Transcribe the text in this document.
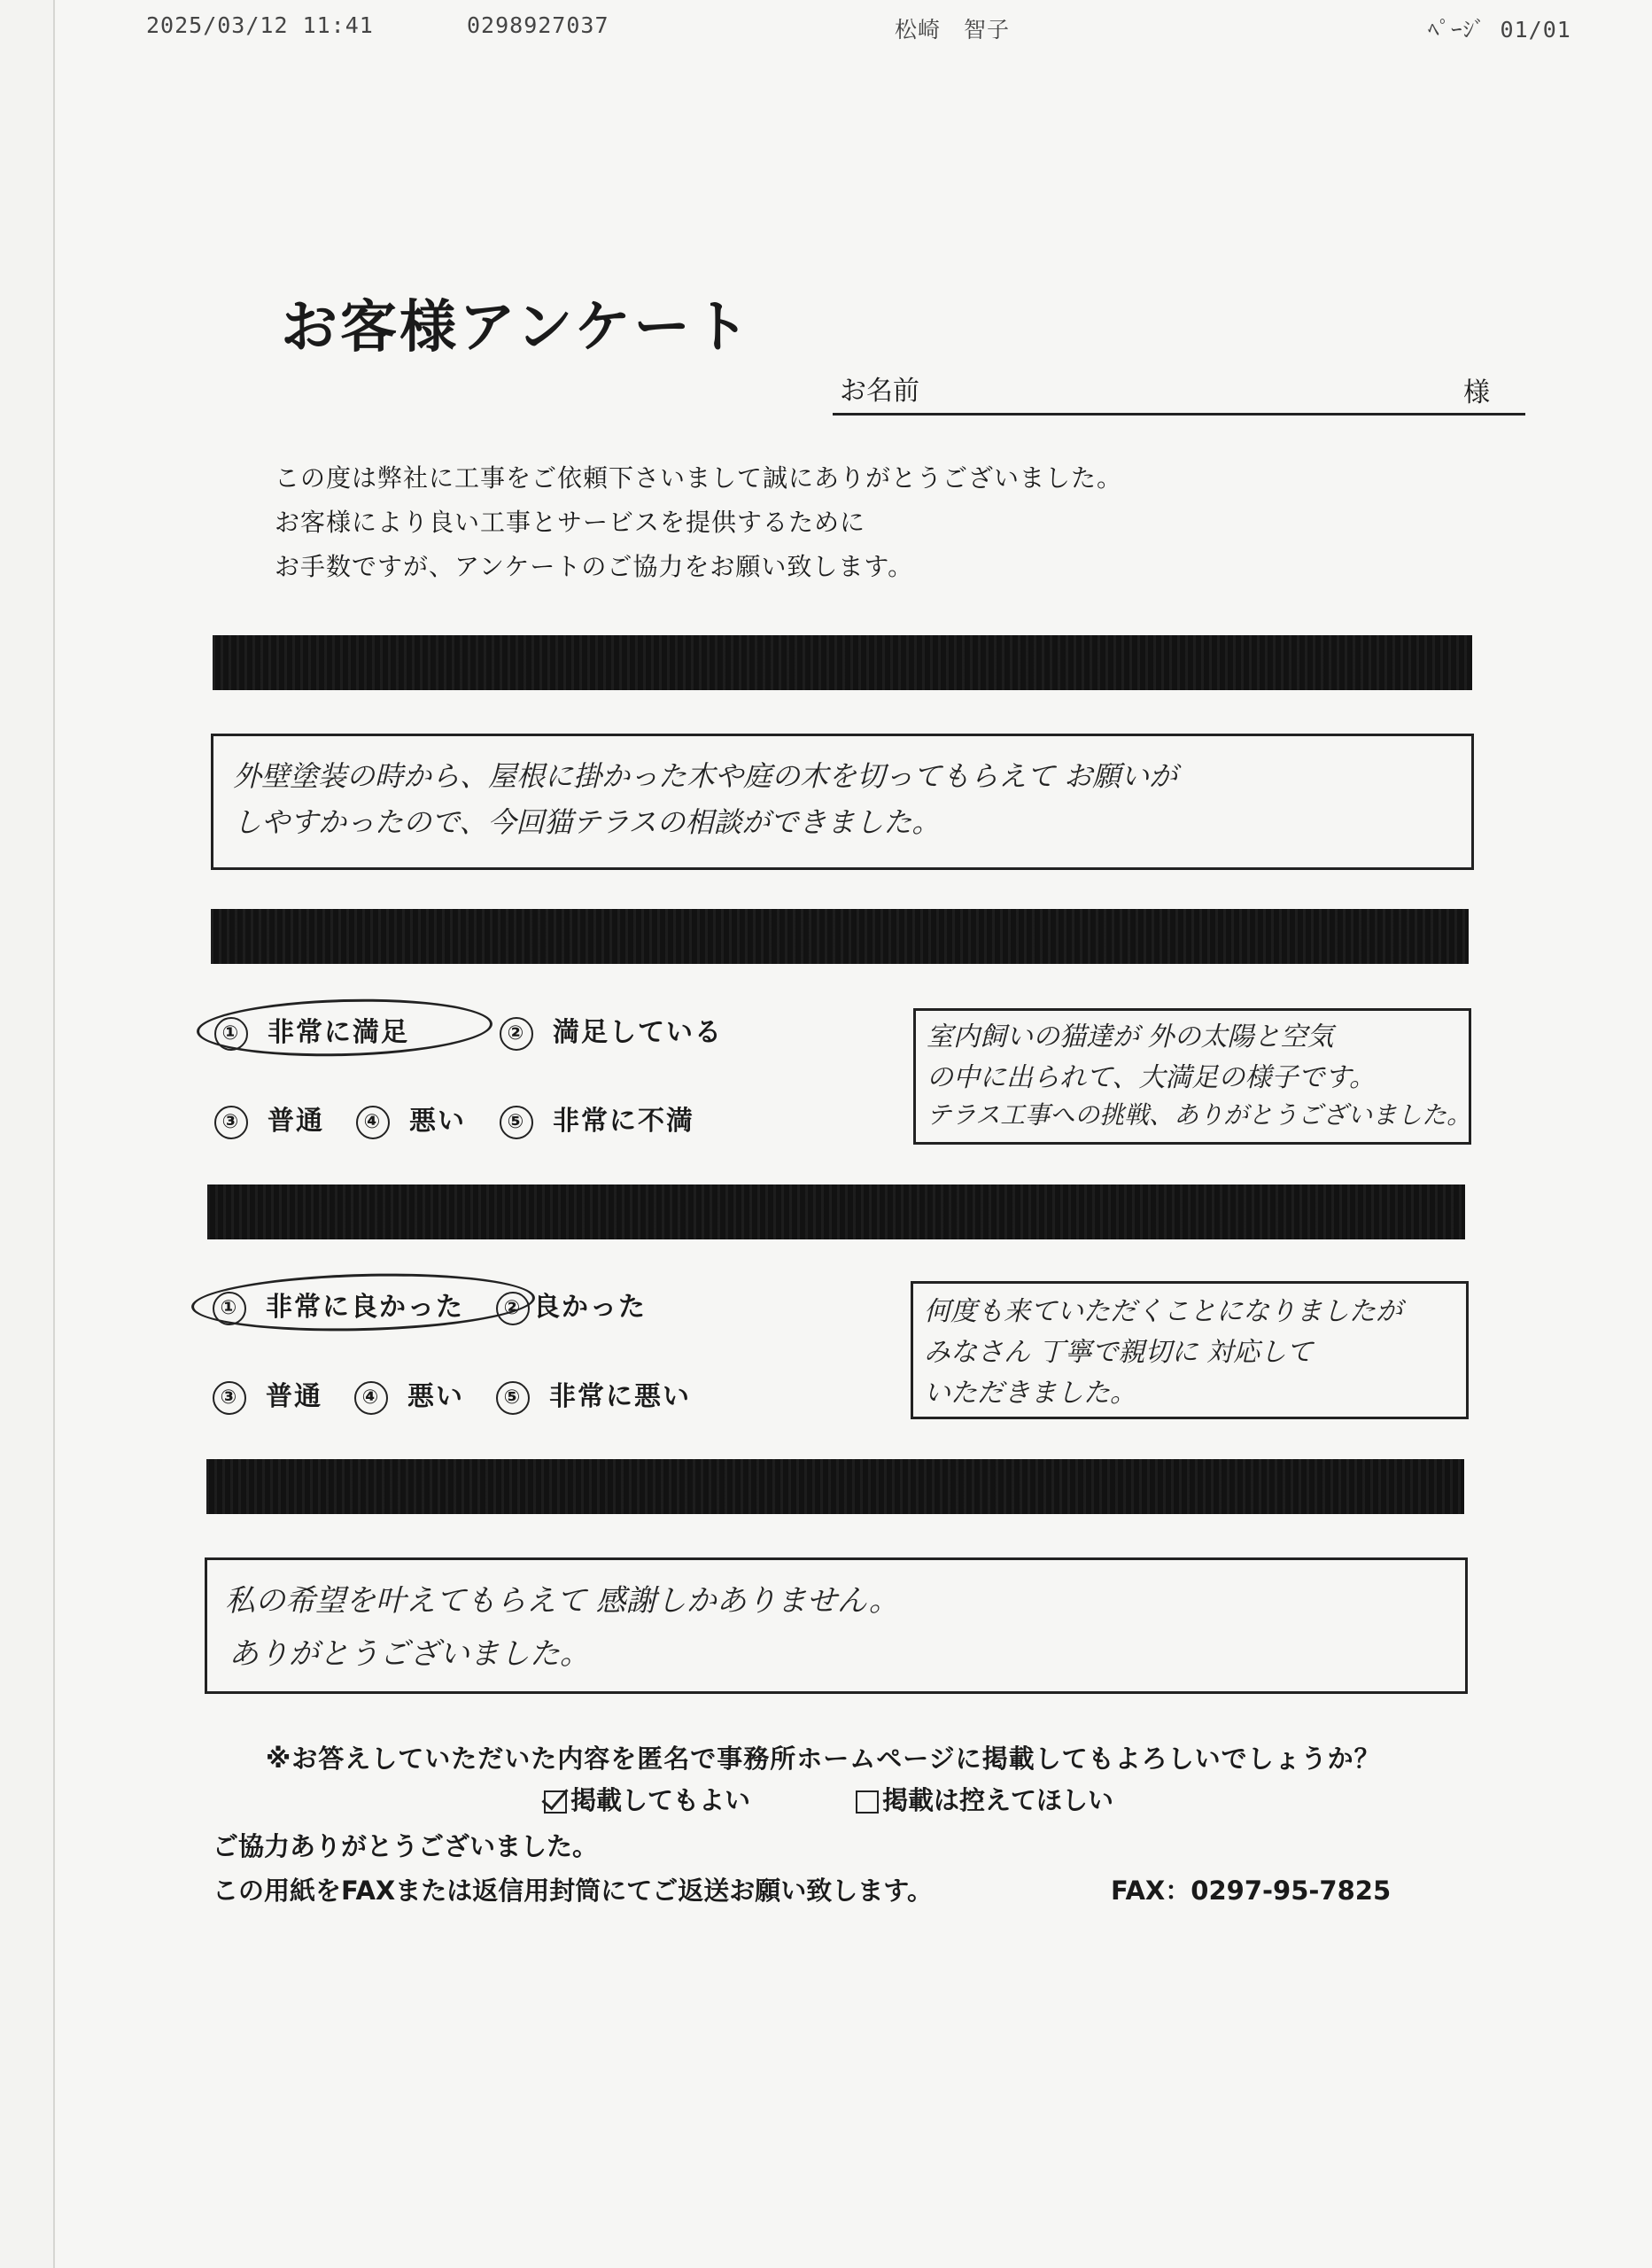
2025/03/12 11:41	0298927037	松崎　智子	ﾍﾟｰｼﾞ 01/01
お客様アンケート
お名前	様
この度は弊社に工事をご依頼下さいまして誠にありがとうございました。
お客様により良い工事とサービスを提供するために
お手数ですが、アンケートのご協力をお願い致します。
外壁塗装の時から、屋根に掛かった木や庭の木を切ってもらえて お願いが
しやすかったので、今回猫テラスの相談ができました。
① 非常に満足	② 満足している
③ 普通	④ 悪い	⑤ 非常に不満
室内飼いの猫達が 外の太陽と空気
の中に出られて、大満足の様子です。
テラス工事への挑戦、ありがとうございました。
① 非常に良かった	② 良かった
③ 普通	④ 悪い	⑤ 非常に悪い
何度も来ていただくことになりましたが
みなさん 丁寧で親切に 対応して
いただきました。
私の希望を叶えてもらえて 感謝しかありません。
ありがとうございました。
※お答えしていただいた内容を匿名で事務所ホームページに掲載してもよろしいでしょうか？
掲載してもよい	掲載は控えてほしい
ご協力ありがとうございました。
この用紙をFAXまたは返信用封筒にてご返送お願い致します。	FAX：0297-95-7825
